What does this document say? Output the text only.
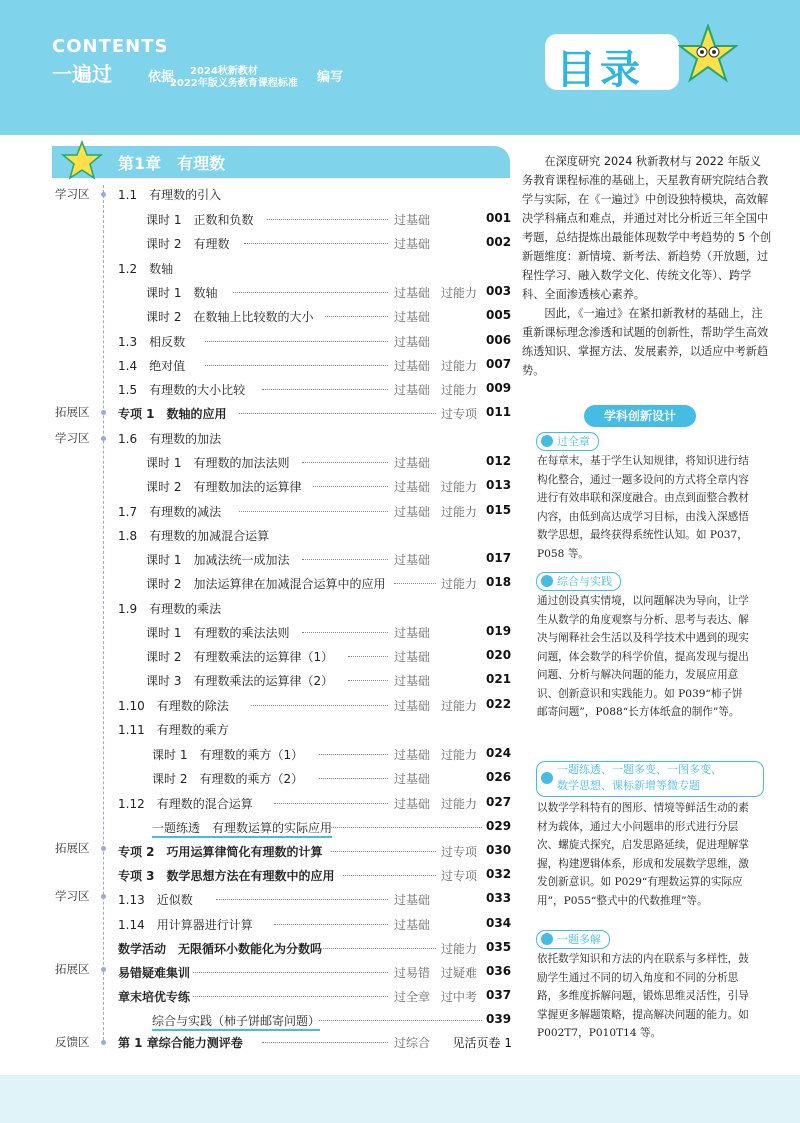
CONTENTS
一遍过	依据 2024秋新教材
2022年版义务教育课程标准 编写	目录
第1章　有理数
学习区
拓展区
学习区
拓展区
学习区
拓展区
反馈区
1.1　有理数的引入
课时 1　正数和负数	过基础	001
课时 2　有理数	过基础	002
1.2　数轴
课时 1　数轴	过基础 过能力 003
课时 2　在数轴上比较数的大小	过基础	005
1.3　相反数	过基础	006
1.4　绝对值	过基础 过能力 007
1.5　有理数的大小比较	过基础 过能力 009
专项 1　数轴的应用	过专项 011
1.6　有理数的加法
课时 1　有理数的加法法则	过基础	012
课时 2　有理数加法的运算律	过基础 过能力 013
1.7　有理数的减法	过基础 过能力 015
1.8　有理数的加减混合运算
课时 1　加减法统一成加法	过基础	017
课时 2　加法运算律在加减混合运算中的应用	过能力 018
1.9　有理数的乘法
课时 1　有理数的乘法法则	过基础	019
课时 2　有理数乘法的运算律（1）	过基础	020
课时 3　有理数乘法的运算律（2）	过基础	021
1.10　有理数的除法	过基础 过能力 022
1.11　有理数的乘方
课时 1　有理数的乘方（1）	过基础 过能力 024
课时 2　有理数的乘方（2）	过基础	026
1.12　有理数的混合运算	过基础 过能力 027
一题练透　有理数运算的实际应用	029
专项 2　巧用运算律简化有理数的计算	过专项 030
专项 3　数学思想方法在有理数中的应用	过专项 032
1.13　近似数	过基础	033
1.14　用计算器进行计算	过基础	034
数学活动　无限循环小数能化为分数吗	过能力 035
易错疑难集训	过易错 过疑难 036
章末培优专练	过全章 过中考 037
综合与实践（柿子饼邮寄问题）	039
第 1 章综合能力测评卷	过综合 见活页卷 1

在深度研究 2024 秋新教材与 2022 年版义务教育课程标准的基础上，天星教育研究院结合教学与实际，在《一遍过》中创设独特模块，高效解决学科痛点和难点，并通过对比分析近三年全国中考题，总结提炼出最能体现数学中考趋势的 5 个创新题维度：新情境、新考法、新趋势（开放题，过程性学习、融入数学文化、传统文化等）、跨学科、全面渗透核心素养。

因此，《一遍过》在紧扣新教材的基础上，注重新课标理念渗透和试题的创新性，帮助学生高效练透知识、掌握方法、发展素养，以适应中考新趋势。

学科创新设计
过全章
在每章末，基于学生认知规律，将知识进行结构化整合，通过一题多设问的方式将全章内容进行有效串联和深度融合。由点到面整合教材内容，由低到高达成学习目标，由浅入深感悟数学思想，最终获得系统性认知。如 P037，P058 等。
综合与实践
通过创设真实情境，以问题解决为导向，让学生从数学的角度观察与分析、思考与表达、解决与阐释社会生活以及科学技术中遇到的现实问题，体会数学的科学价值，提高发现与提出问题、分析与解决问题的能力，发展应用意识、创新意识和实践能力。如 P039“柿子饼邮寄问题”，P088“长方体纸盒的制作”等。
一题练透、一题多变、一图多变、
数学思想、课标新增等微专题
以数学学科特有的图形、情境等鲜活生动的素材为载体，通过大小问题串的形式进行分层次、螺旋式探究，启发思路延续，促进理解掌握，构建逻辑体系，形成和发展数学思维，激发创新意识。如 P029“有理数运算的实际应用”，P055“整式中的代数推理”等。
一题多解
依托数学知识和方法的内在联系与多样性，鼓励学生通过不同的切入角度和不同的分析思路，多维度拆解问题，锻炼思维灵活性，引导掌握更多解题策略，提高解决问题的能力。如 P002T7，P010T14 等。
